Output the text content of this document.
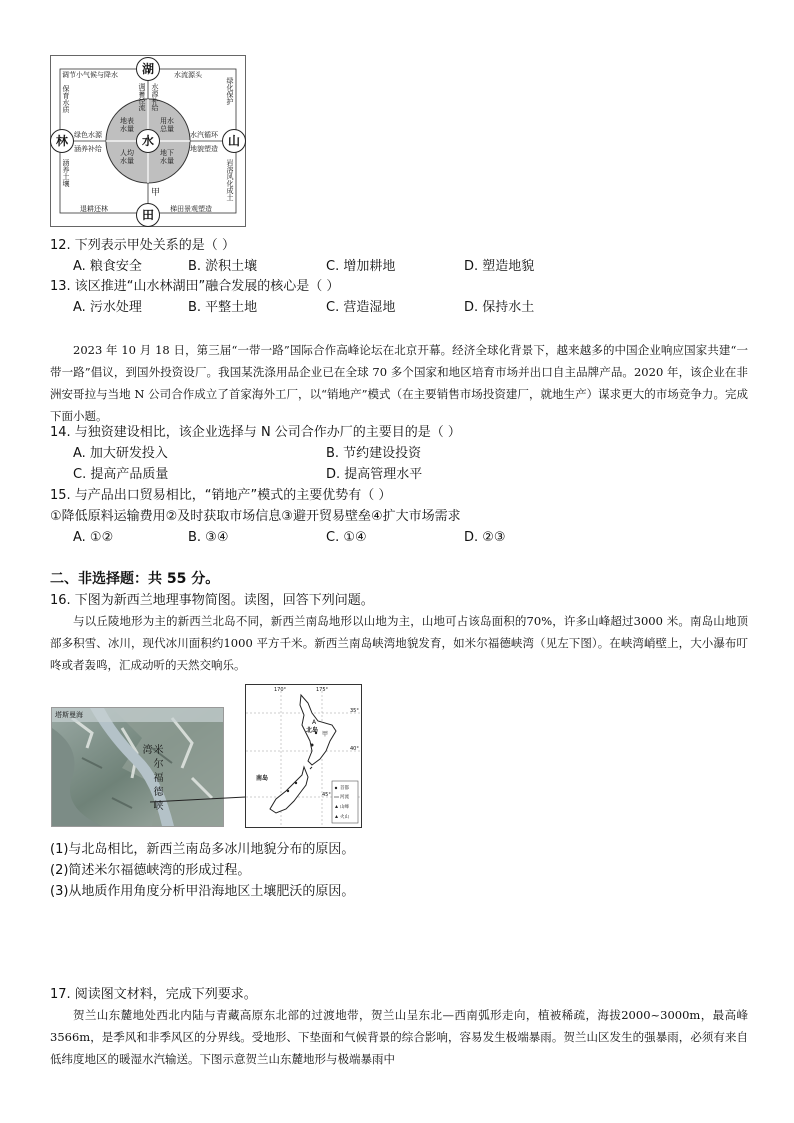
湖
林	山
田
水
调节小气候与降水	水流源头
保育水质	绿化保护
涵养土壤	岩溶风化成土
退耕还林	梯田景观塑造
调蓄径流 水源补给
绿色水源
涵养补给
水汽循环
地貌塑造
甲
地表水量
用水总量
人均水量
地下水量
12. 下列表示甲处关系的是（ ）
A. 粮食安全	B. 淤积土壤	C. 增加耕地	D. 塑造地貌
13. 该区推进“山水林湖田”融合发展的核心是（ ）
A. 污水处理	B. 平整土地	C. 营造湿地	D. 保持水土
2023 年 10 月 18 日，第三届“一带一路”国际合作高峰论坛在北京开幕。经济全球化背景下，越来越多的中国企业响应国家共建“一带一路”倡议，到国外投资设厂。我国某洗涤用品企业已在全球 70 多个国家和地区培育市场并出口自主品牌产品。2020 年，该企业在非洲安哥拉与当地 N 公司合作成立了首家海外工厂，以“销地产”模式（在主要销售市场投资建厂，就地生产）谋求更大的市场竞争力。完成下面小题。
14. 与独资建设相比，该企业选择与 N 公司合作办厂的主要目的是（ ）
A. 加大研发投入	B. 节约建设投资
C. 提高产品质量	D. 提高管理水平
15. 与产品出口贸易相比，“销地产”模式的主要优势有（ ）
①降低原料运输费用②及时获取市场信息③避开贸易壁垒④扩大市场需求
A. ①②	B. ③④	C. ①④	D. ②③
二、非选择题：共 55 分。
16. 下图为新西兰地理事物简图。读图，回答下列问题。
与以丘陵地形为主的新西兰北岛不同，新西兰南岛地形以山地为主，山地可占该岛面积的70%，许多山峰超过3000 米。南岛山地顶部多积雪、冰川，现代冰川面积约1000 平方千米。新西兰南岛峡湾地貌发育，如米尔福德峡湾（见左下图）。在峡湾峭壁上，大小瀑布叮咚或者轰鸣，汇成动听的天然交响乐。
塔斯曼海
米尔福德峡湾
170°	175°
35°
40°
45°
北岛
南岛
甲
A
首都
河流
山峰
火山
(1)与北岛相比，新西兰南岛多冰川地貌分布的原因。
(2)简述米尔福德峡湾的形成过程。
(3)从地质作用角度分析甲沿海地区土壤肥沃的原因。
17. 阅读图文材料，完成下列要求。
贺兰山东麓地处西北内陆与青藏高原东北部的过渡地带，贺兰山呈东北—西南弧形走向，植被稀疏，海拔2000~3000m，最高峰 3566m，是季风和非季风区的分界线。受地形、下垫面和气候背景的综合影响，容易发生极端暴雨。贺兰山区发生的强暴雨，必须有来自低纬度地区的暖湿水汽输送。下图示意贺兰山东麓地形与极端暴雨中
